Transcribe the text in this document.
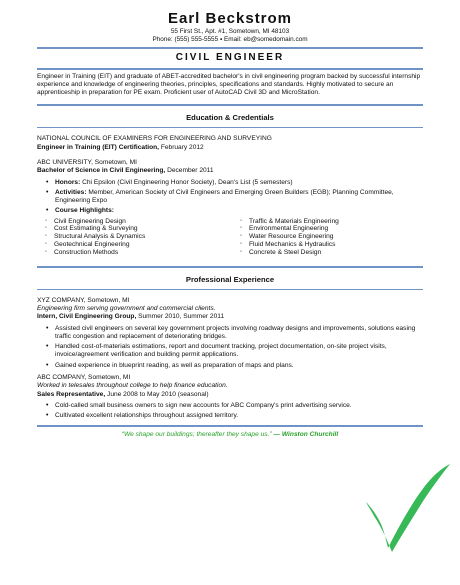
Earl Beckstrom
55 First St., Apt. #1, Sometown, MI 48103
Phone: (555) 555-5555 ▪ Email: eb@somedomain.com
CIVIL ENGINEER
Engineer in Training (EIT) and graduate of ABET-accredited bachelor's in civil engineering program backed by successful internship experience and knowledge of engineering theories, principles, specifications and standards. Highly motivated to secure an apprenticeship in preparation for PE exam. Proficient user of AutoCAD Civil 3D and MicroStation.
Education & Credentials
NATIONAL COUNCIL OF EXAMINERS FOR ENGINEERING AND SURVEYING
Engineer in Training (EIT) Certification, February 2012
ABC UNIVERSITY, Sometown, MI
Bachelor of Science in Civil Engineering, December 2011
• Honors: Chi Epsilon (Civil Engineering Honor Society), Dean's List (5 semesters)
• Activities: Member, American Society of Civil Engineers and Emerging Green Builders (EGB); Planning Committee, Engineering Expo
• Course Highlights:
◦ Civil Engineering Design
◦ Cost Estimating & Surveying
◦ Structural Analysis & Dynamics
◦ Geotechnical Engineering
◦ Construction Methods
◦ Traffic & Materials Engineering
◦ Environmental Engineering
◦ Water Resource Engineering
◦ Fluid Mechanics & Hydraulics
◦ Concrete & Steel Design
Professional Experience
XYZ COMPANY, Sometown, MI
Engineering firm serving government and commercial clients.
Intern, Civil Engineering Group, Summer 2010, Summer 2011
• Assisted civil engineers on several key government projects involving roadway designs and improvements, solutions easing traffic congestion and replacement of deteriorating bridges.
• Handled cost-of-materials estimations, report and document tracking, project documentation, on-site project visits, invoice/agreement verification and building permit applications.
• Gained experience in blueprint reading, as well as preparation of maps and plans.
ABC COMPANY, Sometown, MI
Worked in telesales throughout college to help finance education.
Sales Representative, June 2008 to May 2010 (seasonal)
• Cold-called small business owners to sign new accounts for ABC Company's print advertising service.
• Cultivated excellent relationships throughout assigned territory.
“We shape our buildings; thereafter they shape us.” — Winston Churchill
